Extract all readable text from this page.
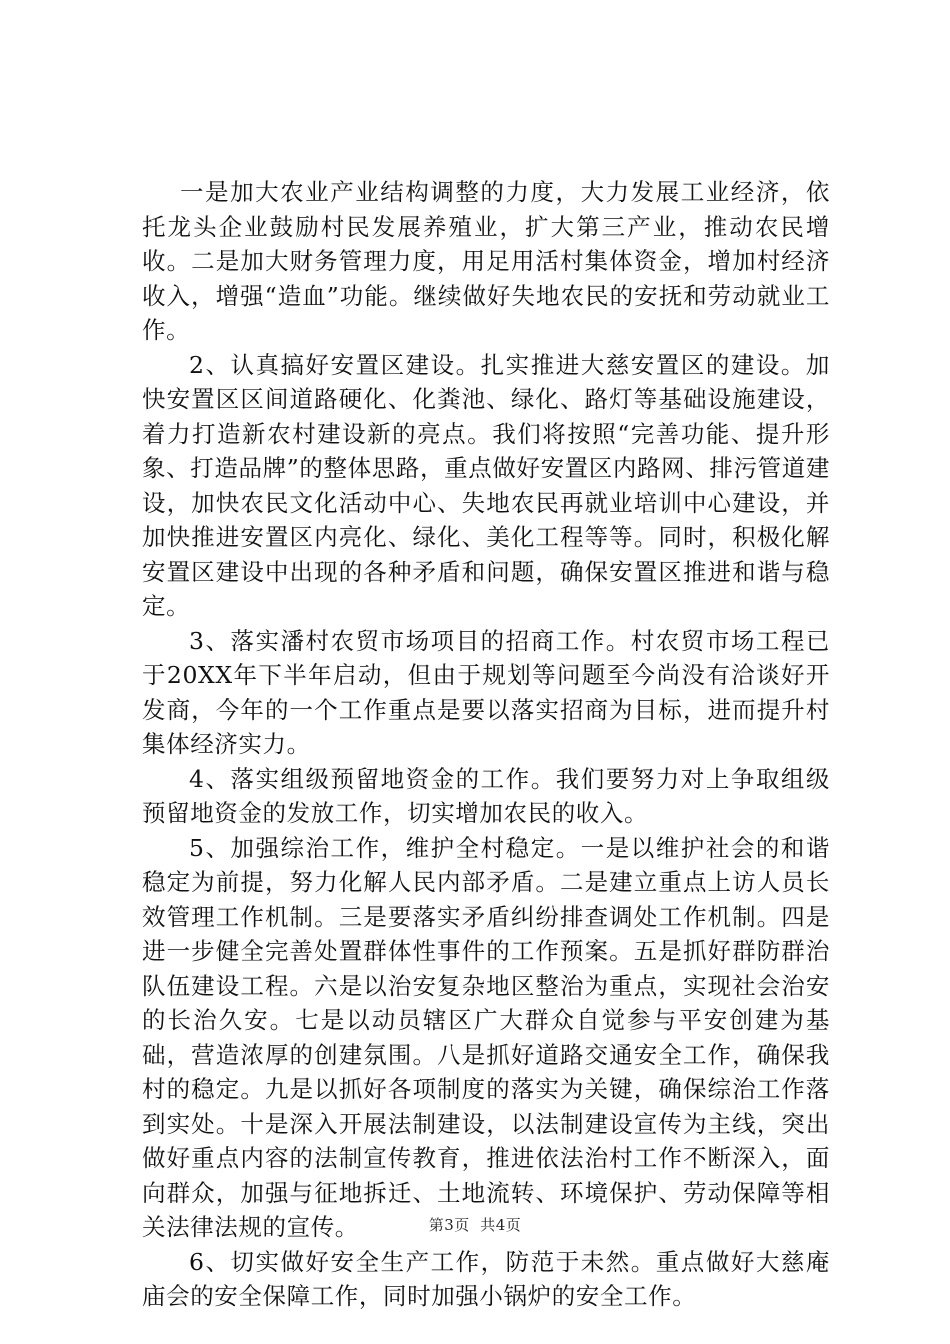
一是加大农业产业结构调整的力度，大力发展工业经济，依托龙头企业鼓励村民发展养殖业，扩大第三产业，推动农民增收。二是加大财务管理力度，用足用活村集体资金，增加村经济收入，增强“造血”功能。继续做好失地农民的安抚和劳动就业工作。

2、认真搞好安置区建设。扎实推进大慈安置区的建设。加快安置区区间道路硬化、化粪池、绿化、路灯等基础设施建设，着力打造新农村建设新的亮点。我们将按照“完善功能、提升形象、打造品牌”的整体思路，重点做好安置区内路网、排污管道建设，加快农民文化活动中心、失地农民再就业培训中心建设，并加快推进安置区内亮化、绿化、美化工程等等。同时，积极化解安置区建设中出现的各种矛盾和问题，确保安置区推进和谐与稳定。

3、落实潘村农贸市场项目的招商工作。村农贸市场工程已于20XX年下半年启动，但由于规划等问题至今尚没有洽谈好开发商，今年的一个工作重点是要以落实招商为目标，进而提升村集体经济实力。

4、落实组级预留地资金的工作。我们要努力对上争取组级预留地资金的发放工作，切实增加农民的收入。

5、加强综治工作，维护全村稳定。一是以维护社会的和谐稳定为前提，努力化解人民内部矛盾。二是建立重点上访人员长效管理工作机制。三是要落实矛盾纠纷排查调处工作机制。四是进一步健全完善处置群体性事件的工作预案。五是抓好群防群治队伍建设工程。六是以治安复杂地区整治为重点，实现社会治安的长治久安。七是以动员辖区广大群众自觉参与平安创建为基础，营造浓厚的创建氛围。八是抓好道路交通安全工作，确保我村的稳定。九是以抓好各项制度的落实为关键，确保综治工作落到实处。十是深入开展法制建设，以法制建设宣传为主线，突出做好重点内容的法制宣传教育，推进依法治村工作不断深入，面向群众，加强与征地拆迁、土地流转、环境保护、劳动保障等相关法律法规的宣传。

6、切实做好安全生产工作，防范于未然。重点做好大慈庵庙会的安全保障工作，同时加强小锅炉的安全工作。

第3页  共4页
